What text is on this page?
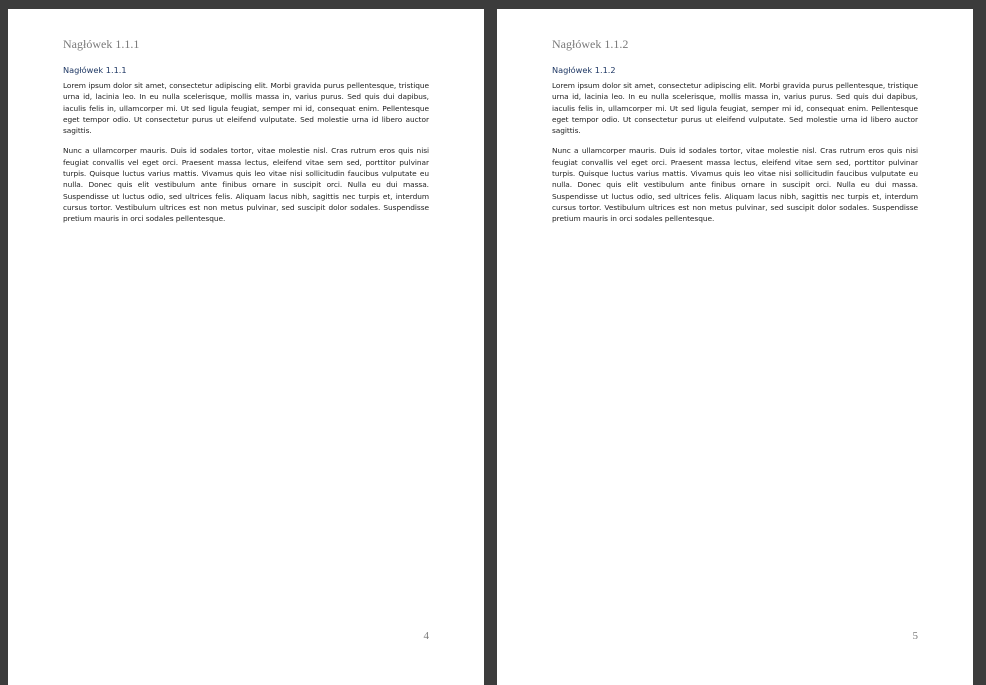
Nagłówek 1.1.1
Nagłówek 1.1.1

Lorem ipsum dolor sit amet, consectetur adipiscing elit. Morbi gravida purus pellentesque, tristique urna id, lacinia leo. In eu nulla scelerisque, mollis massa in, varius purus. Sed quis dui dapibus, iaculis felis in, ullamcorper mi. Ut sed ligula feugiat, semper mi id, consequat enim. Pellentesque eget tempor odio. Ut consectetur purus ut eleifend vulputate. Sed molestie urna id libero auctor sagittis.

Nunc a ullamcorper mauris. Duis id sodales tortor, vitae molestie nisl. Cras rutrum eros quis nisi feugiat convallis vel eget orci. Praesent massa lectus, eleifend vitae sem sed, porttitor pulvinar turpis. Quisque luctus varius mattis. Vivamus quis leo vitae nisi sollicitudin faucibus vulputate eu nulla. Donec quis elit vestibulum ante finibus ornare in suscipit orci. Nulla eu dui massa. Suspendisse ut luctus odio, sed ultrices felis. Aliquam lacus nibh, sagittis nec turpis et, interdum cursus tortor. Vestibulum ultrices est non metus pulvinar, sed suscipit dolor sodales. Suspendisse pretium mauris in orci sodales pellentesque.

4
Nagłówek 1.1.2
Nagłówek 1.1.2

Lorem ipsum dolor sit amet, consectetur adipiscing elit. Morbi gravida purus pellentesque, tristique urna id, lacinia leo. In eu nulla scelerisque, mollis massa in, varius purus. Sed quis dui dapibus, iaculis felis in, ullamcorper mi. Ut sed ligula feugiat, semper mi id, consequat enim. Pellentesque eget tempor odio. Ut consectetur purus ut eleifend vulputate. Sed molestie urna id libero auctor sagittis.

Nunc a ullamcorper mauris. Duis id sodales tortor, vitae molestie nisl. Cras rutrum eros quis nisi feugiat convallis vel eget orci. Praesent massa lectus, eleifend vitae sem sed, porttitor pulvinar turpis. Quisque luctus varius mattis. Vivamus quis leo vitae nisi sollicitudin faucibus vulputate eu nulla. Donec quis elit vestibulum ante finibus ornare in suscipit orci. Nulla eu dui massa. Suspendisse ut luctus odio, sed ultrices felis. Aliquam lacus nibh, sagittis nec turpis et, interdum cursus tortor. Vestibulum ultrices est non metus pulvinar, sed suscipit dolor sodales. Suspendisse pretium mauris in orci sodales pellentesque.

5
